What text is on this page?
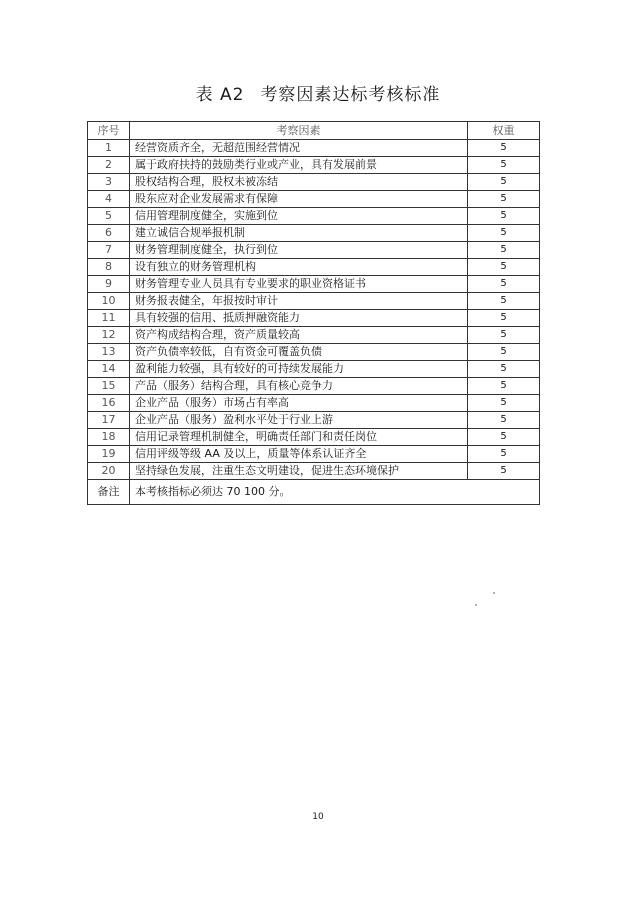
表 A2 考察因素达标考核标准
序号	考察因素	权重
1	经营资质齐全，无超范围经营情况	5
2	属于政府扶持的鼓励类行业或产业，具有发展前景	5
3	股权结构合理，股权未被冻结	5
4	股东应对企业发展需求有保障	5
5	信用管理制度健全，实施到位	5
6	建立诚信合规举报机制	5
7	财务管理制度健全，执行到位	5
8	设有独立的财务管理机构	5
9	财务管理专业人员具有专业要求的职业资格证书	5
10	财务报表健全，年报按时审计	5
11	具有较强的信用、抵质押融资能力	5
12	资产构成结构合理，资产质量较高	5
13	资产负债率较低，自有资金可覆盖负债	5
14	盈利能力较强，具有较好的可持续发展能力	5
15	产品（服务）结构合理，具有核心竞争力	5
16	企业产品（服务）市场占有率高	5
17	企业产品（服务）盈利水平处于行业上游	5
18	信用记录管理机制健全，明确责任部门和责任岗位	5
19	信用评级等级 AA 及以上，质量等体系认证齐全	5
20	坚持绿色发展，注重生态文明建设，促进生态环境保护	5
备注	本考核指标必须达 70 100 分。	
10
